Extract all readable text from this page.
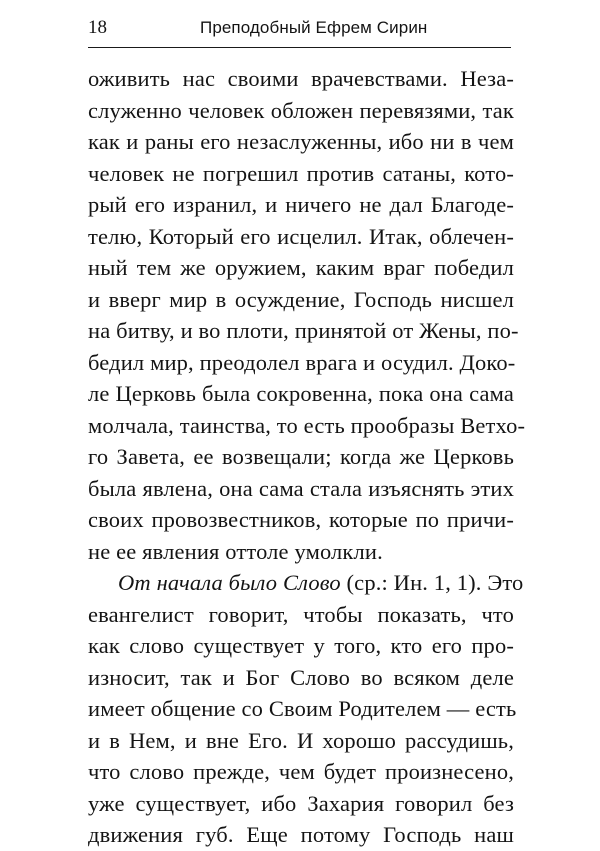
18	Преподобный Ефрем Сирин
оживить нас своими врачевствами. Неза-
служенно человек обложен перевязями, так
как и раны его незаслуженны, ибо ни в чем
человек не погрешил против сатаны, кото-
рый его изранил, и ничего не дал Благоде-
телю, Который его исцелил. Итак, облечен-
ный тем же оружием, каким враг победил
и вверг мир в осуждение, Господь нисшел
на битву, и во плоти, принятой от Жены, по-
бедил мир, преодолел врага и осудил. Доко-
ле Церковь была сокровенна, пока она сама
молчала, таинства, то есть прообразы Ветхо-
го Завета, ее возвещали; когда же Церковь
была явлена, она сама стала изъяснять этих
своих провозвестников, которые по причи-
не ее явления оттоле умолкли.
От начала было Слово (ср.: Ин. 1, 1). Это
евангелист говорит, чтобы показать, что
как слово существует у того, кто его про-
износит, так и Бог Слово во всяком деле
имеет общение со Своим Родителем — есть
и в Нем, и вне Его. И хорошо рассудишь,
что слово прежде, чем будет произнесено,
уже существует, ибо Захария говорил без
движения губ. Еще потому Господь наш
